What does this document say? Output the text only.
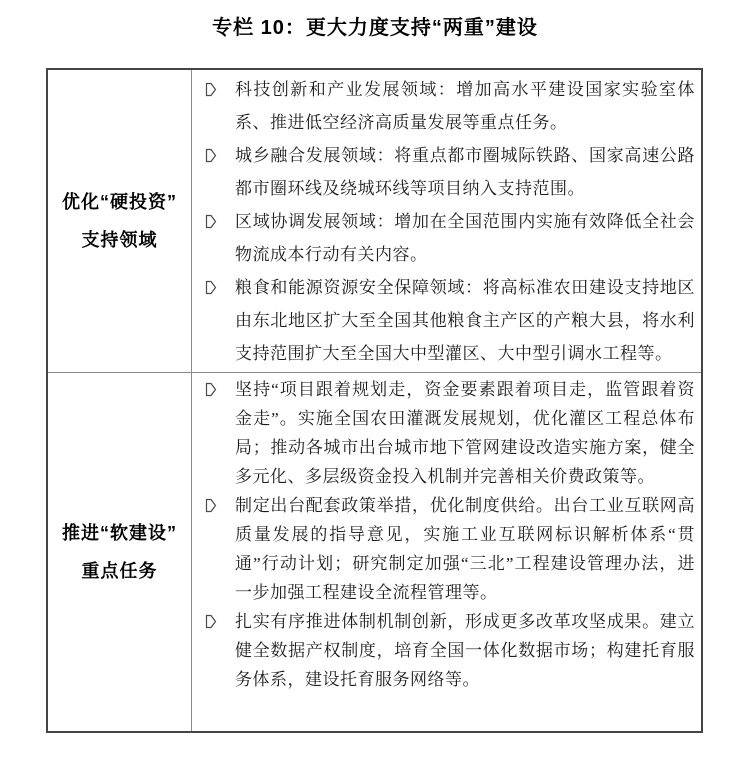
专栏 10：更大力度支持“两重”建设
优化“硬投资”
支持领域

科技创新和产业发展领域：增加高水平建设国家实验室体系、推进低空经济高质量发展等重点任务。

城乡融合发展领域：将重点都市圈城际铁路、国家高速公路都市圈环线及绕城环线等项目纳入支持范围。

区域协调发展领域：增加在全国范围内实施有效降低全社会物流成本行动有关内容。

粮食和能源资源安全保障领域：将高标准农田建设支持地区由东北地区扩大至全国其他粮食主产区的产粮大县，将水利支持范围扩大至全国大中型灌区、大中型引调水工程等。

推进“软建设”
重点任务

坚持“项目跟着规划走，资金要素跟着项目走，监管跟着资金走”。实施全国农田灌溉发展规划，优化灌区工程总体布局；推动各城市出台城市地下管网建设改造实施方案，健全多元化、多层级资金投入机制并完善相关价费政策等。

制定出台配套政策举措，优化制度供给。出台工业互联网高质量发展的指导意见，实施工业互联网标识解析体系“贯通”行动计划；研究制定加强“三北”工程建设管理办法，进一步加强工程建设全流程管理等。

扎实有序推进体制机制创新，形成更多改革攻坚成果。建立健全数据产权制度，培育全国一体化数据市场；构建托育服务体系，建设托育服务网络等。
